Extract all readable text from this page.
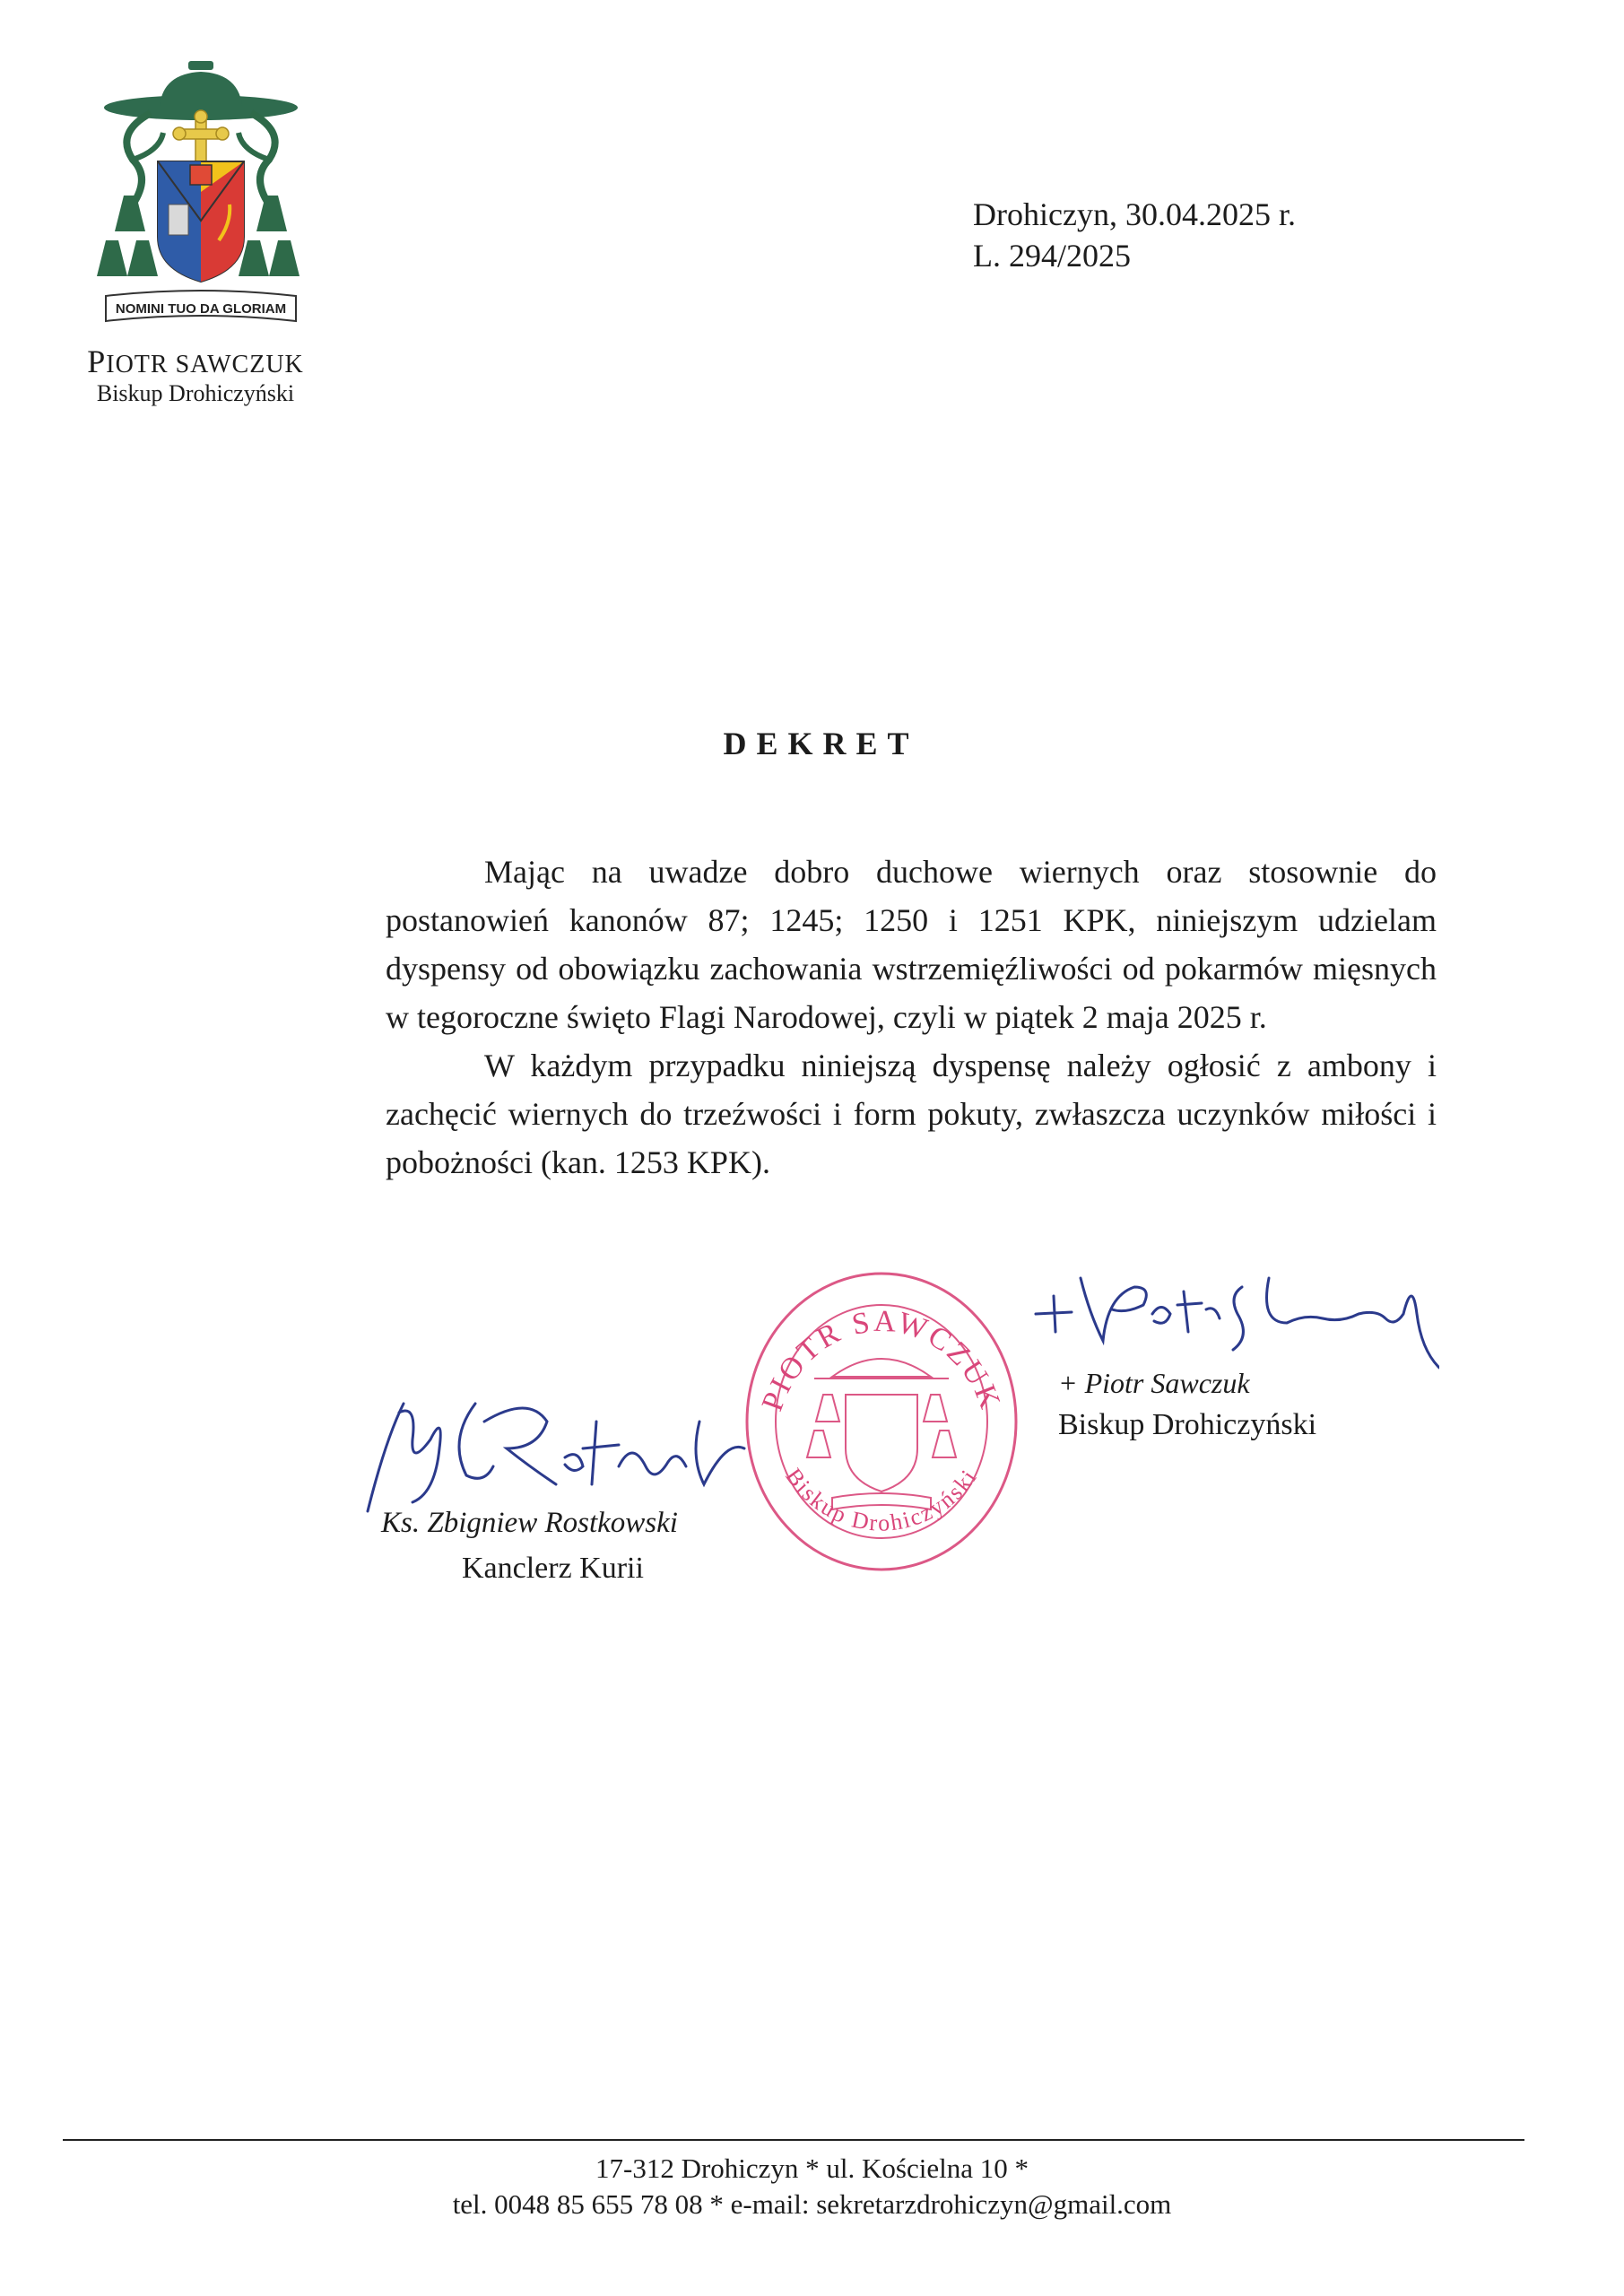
NOMINI TUO DA GLORIAM
PIOTR SAWCZUK
Biskup Drohiczyński
Drohiczyn, 30.04.2025 r.
L. 294/2025
DEKRET

Mając na uwadze dobro duchowe wiernych oraz stosownie do postanowień kanonów 87; 1245; 1250 i 1251 KPK, niniejszym udzielam dyspensy od obowiązku zachowania wstrzemięźliwości od pokarmów mięsnych w tegoroczne święto Flagi Narodowej, czyli w piątek 2 maja 2025 r.

W każdym przypadku niniejszą dyspensę należy ogłosić z ambony i zachęcić wiernych do trzeźwości i form pokuty, zwłaszcza uczynków miłości i pobożności (kan. 1253 KPK).

+ Piotr Sawczuk
Biskup Drohiczyński
PIOTR SAWCZUK
Biskup Drohiczyński
Ks. Zbigniew Rostkowski
Kanclerz Kurii
17-312 Drohiczyn * ul. Kościelna 10 *
tel. 0048 85 655 78 08 * e-mail: sekretarzdrohiczyn@gmail.com
